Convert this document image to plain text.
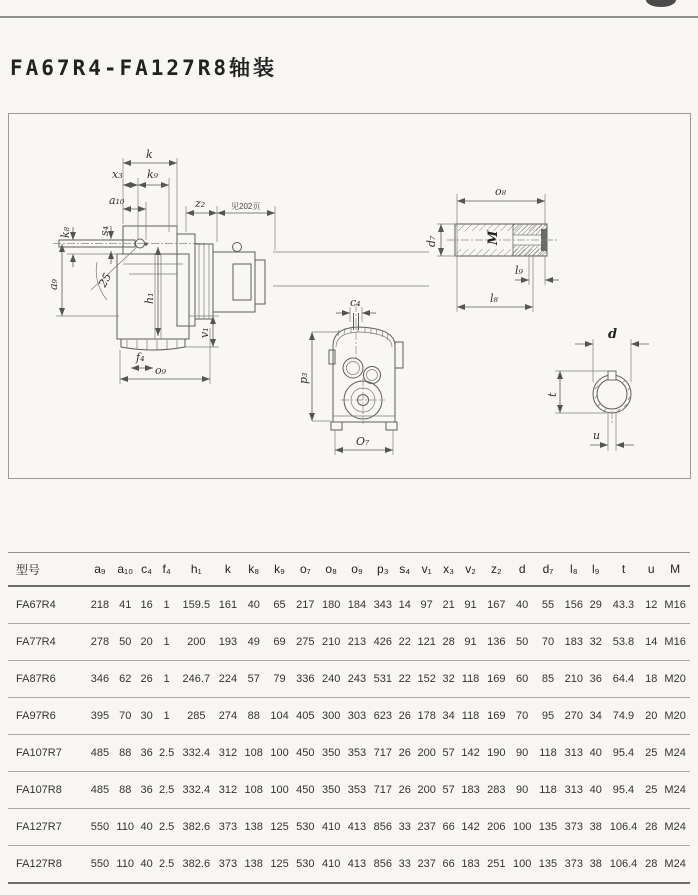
FA67R4-FA127R8轴装
25
k
x₃ k₉
a₁₀	z₂	见202页
k₈ s₄
a₉
h₁
v₁
f₄
o₉
c₄
p₃
O₇
o₈
d₇	M
l₉
l₈
d
t
u
型号	a₉	a₁₀	c₄	f₄	h₁	k	k₈	k₉	o₇	o₈	o₉	p₃	s₄	v₁	x₃	v₂	z₂	d	d₇	l₈	l₉	t	u	M
FA67R4	218	41	16	1	159.5	161	40	65	217	180	184	343	14	97	21	91	167	40	55	156	29	43.3	12	M16
FA77R4	278	50	20	1	200	193	49	69	275	210	213	426	22	121	28	91	136	50	70	183	32	53.8	14	M16
FA87R6	346	62	26	1	246.7	224	57	79	336	240	243	531	22	152	32	118	169	60	85	210	36	64.4	18	M20
FA97R6	395	70	30	1	285	274	88	104	405	300	303	623	26	178	34	118	169	70	95	270	34	74.9	20	M20
FA107R7	485	88	36	2.5	332.4	312	108	100	450	350	353	717	26	200	57	142	190	90	118	313	40	95.4	25	M24
FA107R8	485	88	36	2.5	332.4	312	108	100	450	350	353	717	26	200	57	183	283	90	118	313	40	95.4	25	M24
FA127R7	550	110	40	2.5	382.6	373	138	125	530	410	413	856	33	237	66	142	206	100	135	373	38	106.4	28	M24
FA127R8	550	110	40	2.5	382.6	373	138	125	530	410	413	856	33	237	66	183	251	100	135	373	38	106.4	28	M24
